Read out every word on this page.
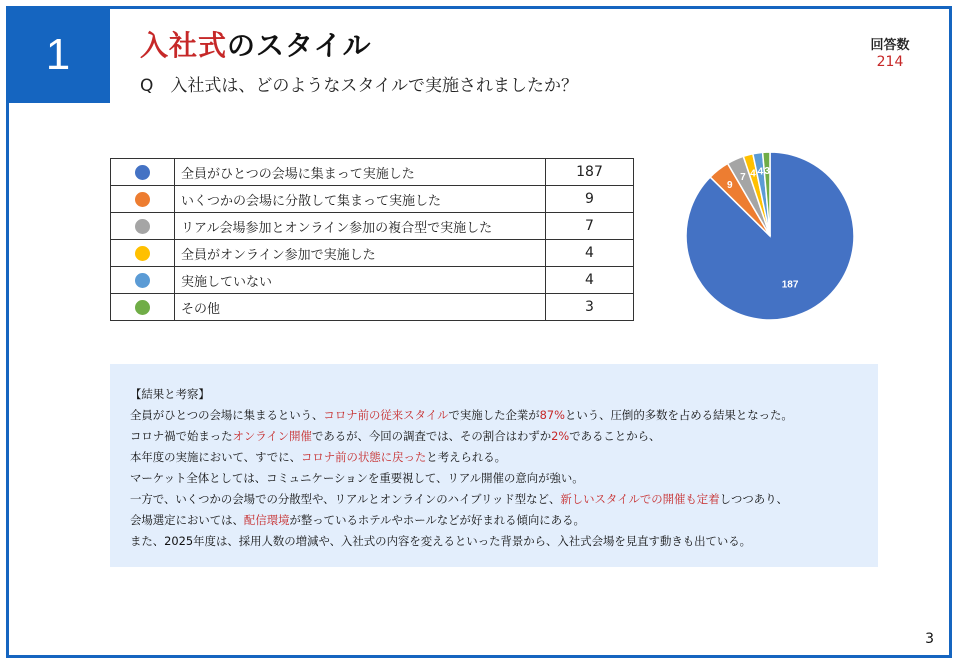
1 入社式のスタイル
Q　入社式は、どのようなスタイルで実施されましたか？
回答数
214
	全員がひとつの会場に集まって実施した	187
	いくつかの会場に分散して集まって実施した	9
	リアル会場参加とオンライン参加の複合型で実施した	7
	全員がオンライン参加で実施した	4
	実施していない	4
	その他	3
187
9
7 4 4 3

【結果と考察】

全員がひとつの会場に集まるという、コロナ前の従来スタイルで実施した企業が87%という、圧倒的多数を占める結果となった。

コロナ禍で始まったオンライン開催であるが、今回の調査では、その割合はわずか2%であることから、

本年度の実施において、すでに、コロナ前の状態に戻ったと考えられる。

マーケット全体としては、コミュニケーションを重要視して、リアル開催の意向が強い。

一方で、いくつかの会場での分散型や、リアルとオンラインのハイブリッド型など、新しいスタイルでの開催も定着しつつあり、

会場選定においては、配信環境が整っているホテルやホールなどが好まれる傾向にある。

また、2025年度は、採用人数の増減や、入社式の内容を変えるといった背景から、入社式会場を見直す動きも出ている。

3
